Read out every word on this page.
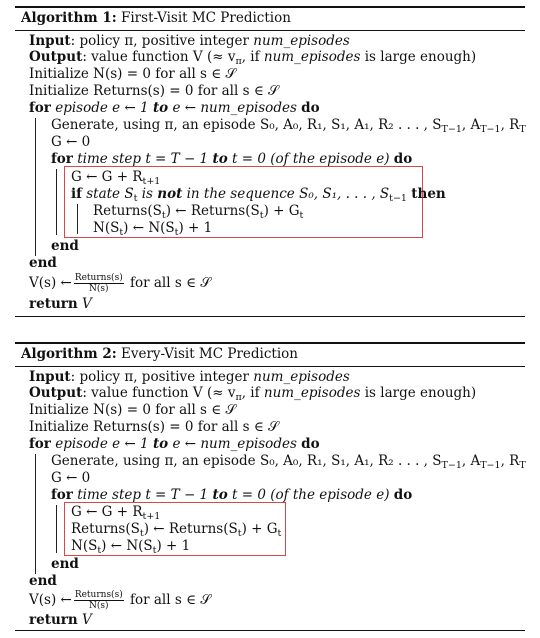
Algorithm 1: First-Visit MC Prediction
Input: policy π, positive integer num_episodes
Output: value function V (≈ $v_\pi$, if num_episodes is large enough)
Initialize N(s) = 0 for all s ∈ 𝒮
Initialize Returns(s) = 0 for all s ∈ 𝒮
for episode e ← 1 to e ← num_episodes do
Generate, using π, an episode S₀, A₀, R₁, S₁, A₁, R₂ . . . , $S_{T-1}$, $A_{T-1}$, $R_T$
G ← 0
for time step t = T − 1 to t = 0 (of the episode e) do
G ← $G + R_{t+1}$
if state $S_t$ is not in the sequence S₀, S₁, . . . , $S_{t-1}$ then
$Returns(S_t)$ ← $Returns(S_t) + G_t$
$N(S_t)$ ← $N(S_t) + 1$
end
end
V(s) ← $\frac{\text{Returns(s)}}{N(s)}$ for all s ∈ 𝒮
return V
Algorithm 2: Every-Visit MC Prediction
Input: policy π, positive integer num_episodes
Output: value function V (≈ $v_\pi$, if num_episodes is large enough)
Initialize N(s) = 0 for all s ∈ 𝒮
Initialize Returns(s) = 0 for all s ∈ 𝒮
for episode e ← 1 to e ← num_episodes do
Generate, using π, an episode S₀, A₀, R₁, S₁, A₁, R₂ . . . , $S_{T-1}$, $A_{T-1}$, $R_T$
G ← 0
for time step t = T − 1 to t = 0 (of the episode e) do
G ← $G + R_{t+1}$
$Returns(S_t)$ ← $Returns(S_t) + G_t$
$N(S_t)$ ← $N(S_t) + 1$
end
end
V(s) ← $\frac{\text{Returns(s)}}{N(s)}$ for all s ∈ 𝒮
return V
